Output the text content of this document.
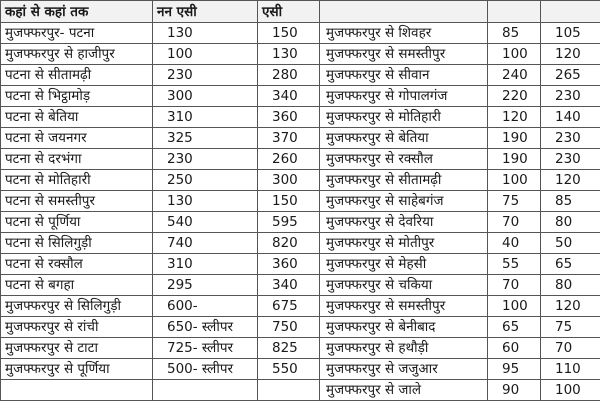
कहां से कहां तक	नन एसी	एसी			
मुजफ्फरपुर- पटना	130	150	मुजफ्फरपुर से शिवहर	85	105
मुजफ्फरपुर से हाजीपुर	100	130	मुजफ्फरपुर से समस्तीपुर	100	120
पटना से सीतामढ़ी	230	280	मुजफ्फरपुर से सीवान	240	265
पटना से भिट्ठामोड़	300	340	मुजफ्फरपुर से गोपालगंज	220	230
पटना से बेतिया	310	360	मुजफ्फरपुर से मोतिहारी	120	140
पटना से जयनगर	325	370	मुजफ्फरपुर से बेतिया	190	230
पटना से दरभंगा	230	260	मुजफ्फरपुर से रक्सौल	190	230
पटना से मोतिहारी	250	300	मुजफ्फरपुर से सीतामढ़ी	100	120
पटना से समस्तीपुर	130	150	मुजफ्फरपुर से साहेबगंज	75	85
पटना से पूर्णिया	540	595	मुजफ्फरपुर से देवरिया	70	80
पटना से सिलिगुड़ी	740	820	मुजफ्फरपुर से मोतीपुर	40	50
पटना से रक्सौल	310	360	मुजफ्फरपुर से मेहसी	55	65
पटना से बगहा	295	340	मुजफ्फरपुर से चकिया	70	80
मुजफ्फरपुर से सिलिगुड़ी	600-	675	मुजफ्फरपुर से समस्तीपुर	100	120
मुजफ्फरपुर से रांची	650- स्लीपर	750	मुजफ्फरपुर से बेनीबाद	65	75
मुजफ्फरपुर से टाटा	725- स्लीपर	825	मुजफ्फरपुर से हथौड़ी	60	70
मुजफ्फरपुर से पूर्णिया	500- स्लीपर	550	मुजफ्फरपुर से जजुआर	95	110
			मुजफ्फरपुर से जाले	90	100
